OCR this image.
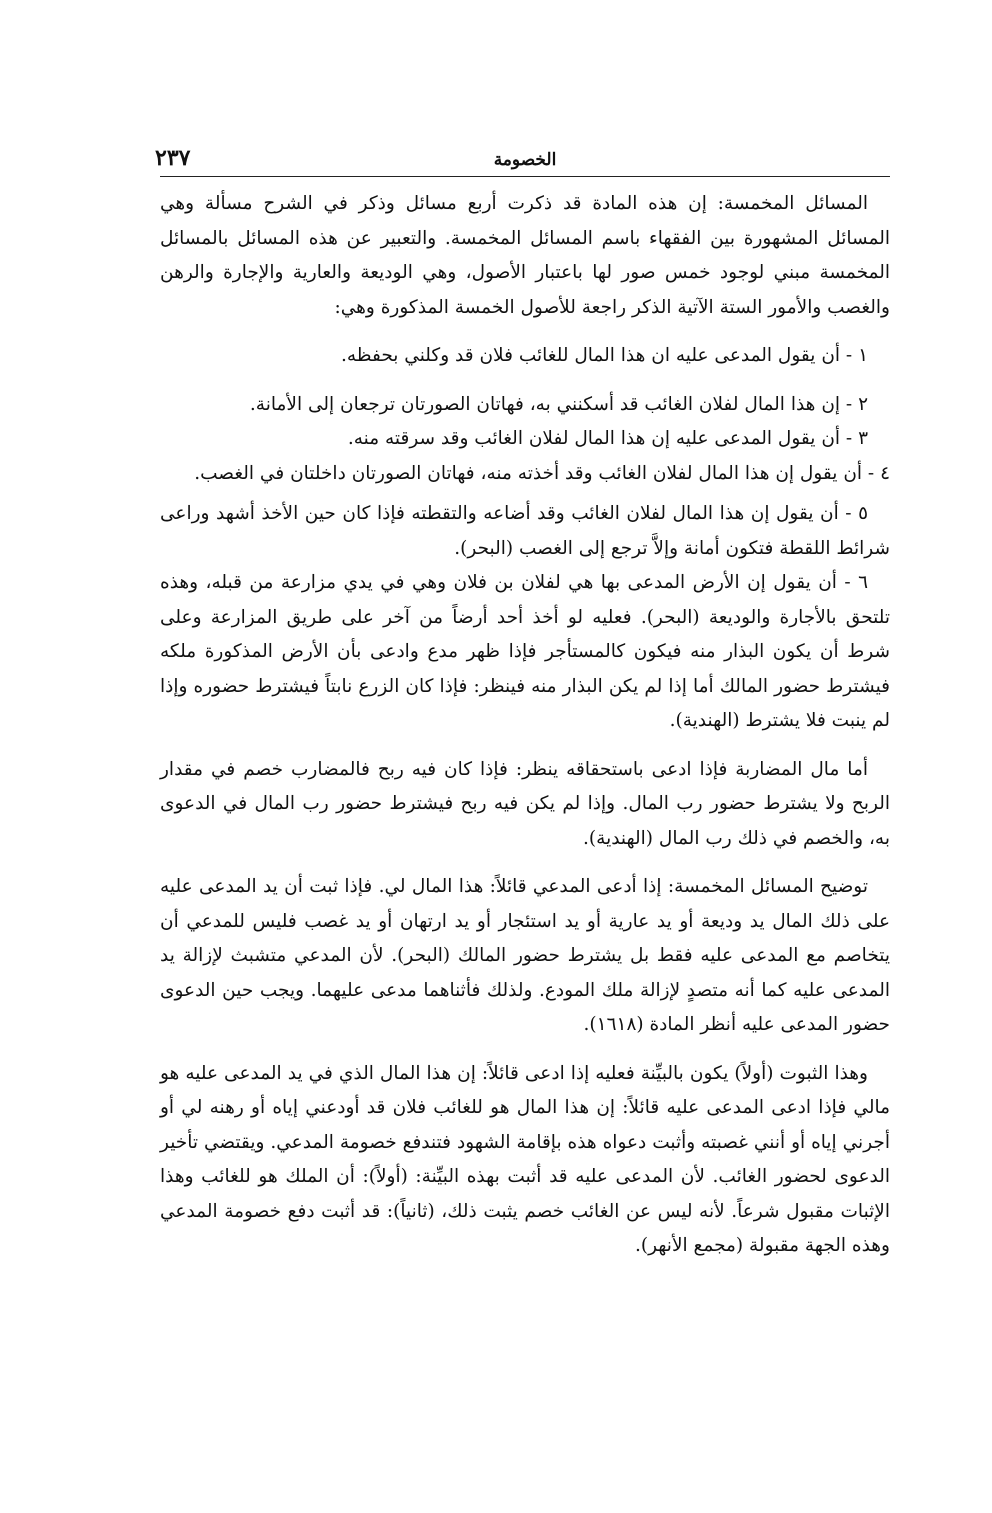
الخصومة
٢٣٧

المسائل المخمسة: إن هذه المادة قد ذكرت أربع مسائل وذكر في الشرح مسألة وهي المسائل المشهورة بين الفقهاء باسم المسائل المخمسة. والتعبير عن هذه المسائل بالمسائل المخمسة مبني لوجود خمس صور لها باعتبار الأصول، وهي الوديعة والعارية والإجارة والرهن والغصب والأمور الستة الآتية الذكر راجعة للأصول الخمسة المذكورة وهي:

١ - أن يقول المدعى عليه ان هذا المال للغائب فلان قد وكلني بحفظه.

٢ - إن هذا المال لفلان الغائب قد أسكنني به، فهاتان الصورتان ترجعان إلى الأمانة.

٣ - أن يقول المدعى عليه إن هذا المال لفلان الغائب وقد سرقته منه.

٤ - أن يقول إن هذا المال لفلان الغائب وقد أخذته منه، فهاتان الصورتان داخلتان في الغصب.

٥ - أن يقول إن هذا المال لفلان الغائب وقد أضاعه والتقطته فإذا كان حين الأخذ أشهد وراعى شرائط اللقطة فتكون أمانة وإلاَّ ترجع إلى الغصب (البحر).

٦ - أن يقول إن الأرض المدعى بها هي لفلان بن فلان وهي في يدي مزارعة من قبله، وهذه تلتحق بالأجارة والوديعة (البحر). فعليه لو أخذ أحد أرضاً من آخر على طريق المزارعة وعلى شرط أن يكون البذار منه فيكون كالمستأجر فإذا ظهر مدع وادعى بأن الأرض المذكورة ملكه فيشترط حضور المالك أما إذا لم يكن البذار منه فينظر: فإذا كان الزرع نابتاً فيشترط حضوره وإذا لم ينبت فلا يشترط (الهندية).

أما مال المضاربة فإذا ادعى باستحقاقه ينظر: فإذا كان فيه ربح فالمضارب خصم في مقدار الربح ولا يشترط حضور رب المال. وإذا لم يكن فيه ربح فيشترط حضور رب المال في الدعوى به، والخصم في ذلك رب المال (الهندية).

توضيح المسائل المخمسة: إذا أدعى المدعي قائلاً: هذا المال لي. فإذا ثبت أن يد المدعى عليه على ذلك المال يد وديعة أو يد عارية أو يد استئجار أو يد ارتهان أو يد غصب فليس للمدعي أن يتخاصم مع المدعى عليه فقط بل يشترط حضور المالك (البحر). لأن المدعي متشبث لإزالة يد المدعى عليه كما أنه متصدٍ لإزالة ملك المودع. ولذلك فأثناهما مدعى عليهما. ويجب حين الدعوى حضور المدعى عليه أنظر المادة (١٦١٨).

وهذا الثبوت (أولاً) يكون بالبيِّنة فعليه إذا ادعى قائلاً: إن هذا المال الذي في يد المدعى عليه هو مالي فإذا ادعى المدعى عليه قائلاً: إن هذا المال هو للغائب فلان قد أودعني إياه أو رهنه لي أو أجرني إياه أو أنني غصبته وأثبت دعواه هذه بإقامة الشهود فتندفع خصومة المدعي. ويقتضي تأخير الدعوى لحضور الغائب. لأن المدعى عليه قد أثبت بهذه البيِّنة: (أولاً): أن الملك هو للغائب وهذا الإثبات مقبول شرعاً. لأنه ليس عن الغائب خصم يثبت ذلك، (ثانياً): قد أثبت دفع خصومة المدعي وهذه الجهة مقبولة (مجمع الأنهر).
